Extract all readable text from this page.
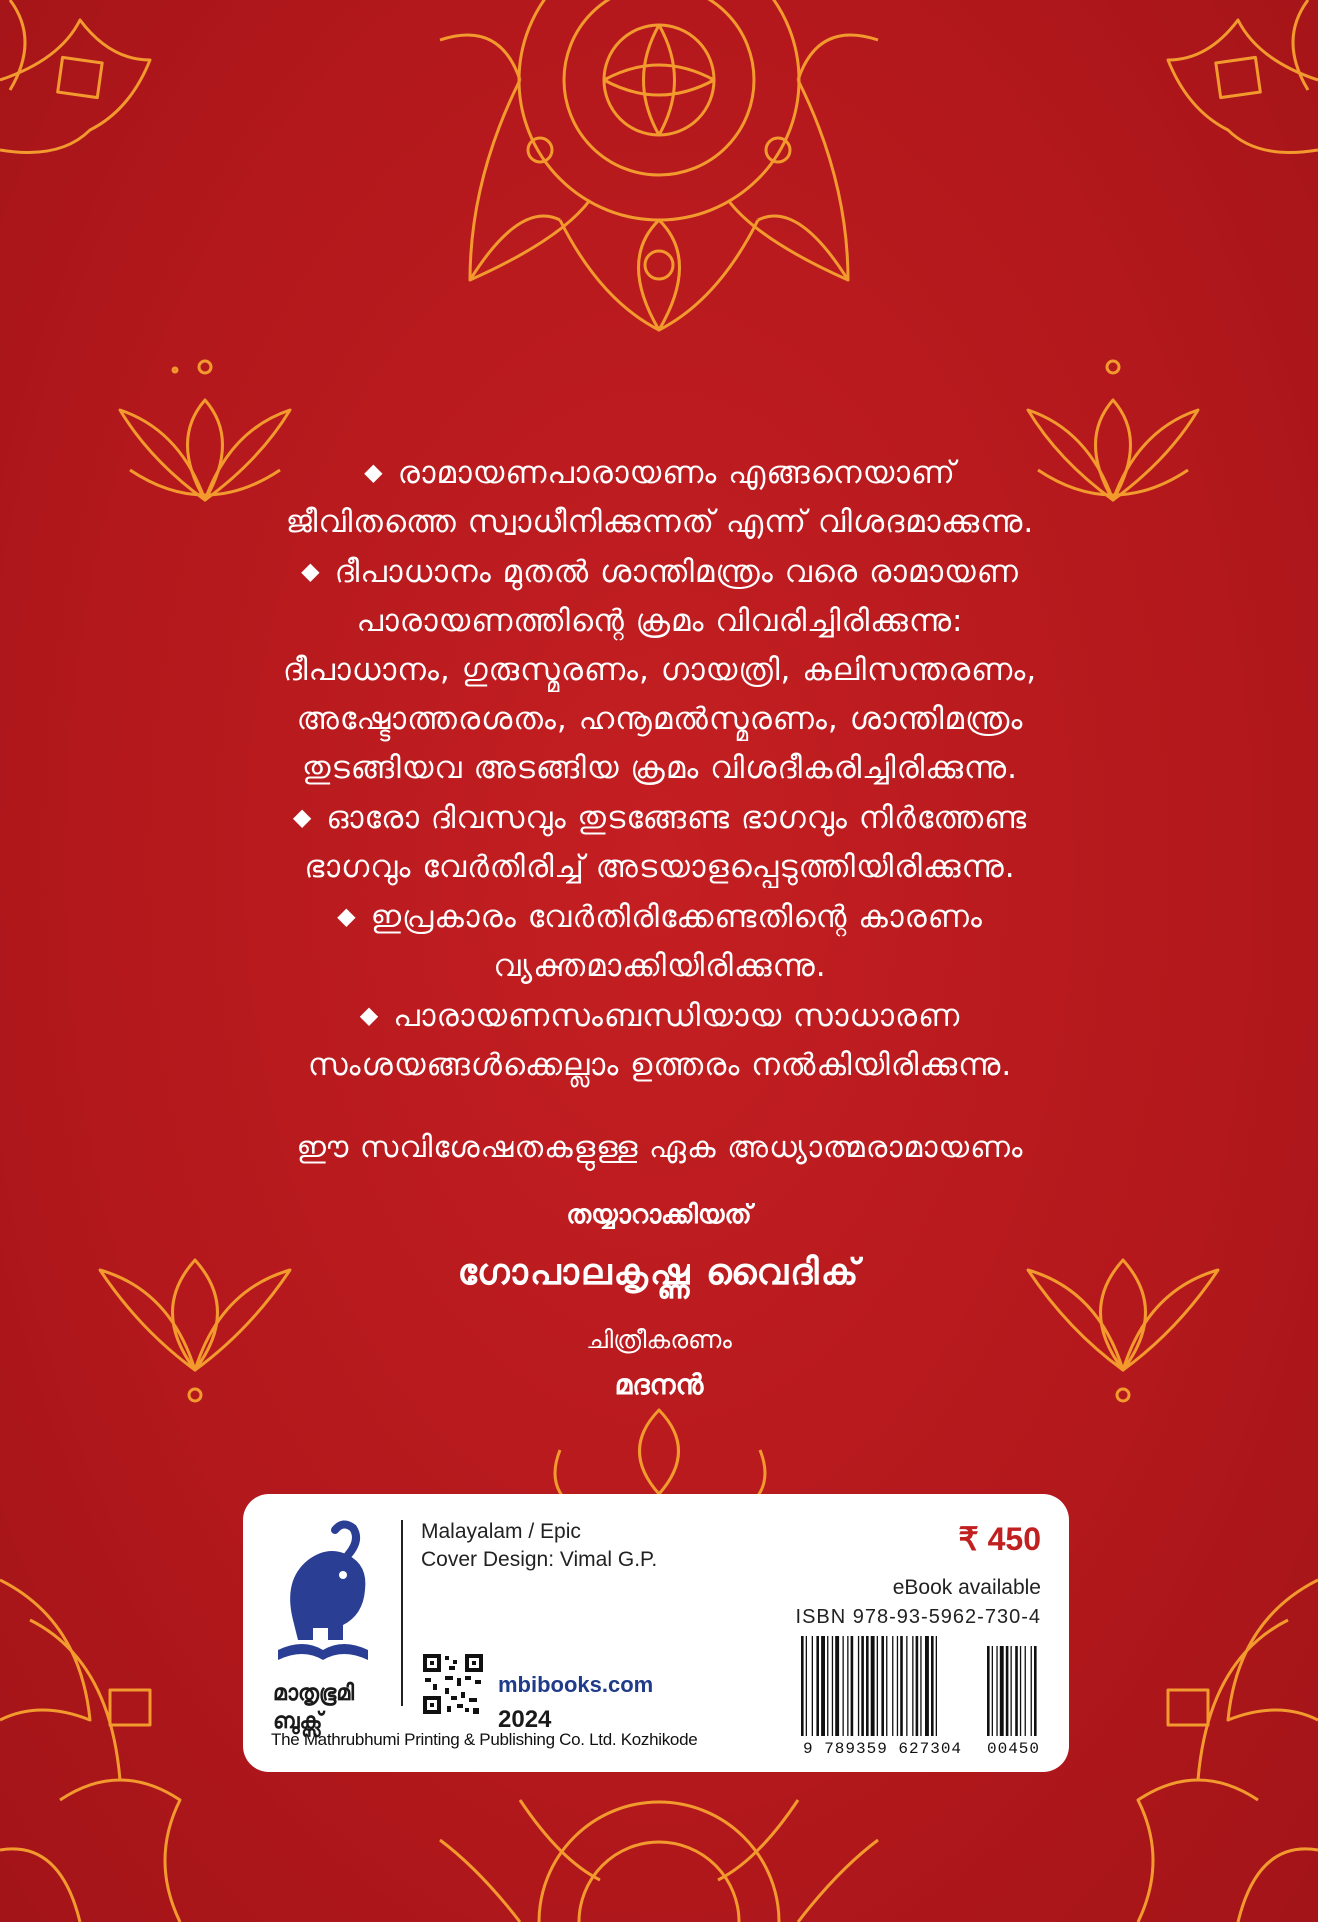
◆ രാമായണപാരായണം എങ്ങനെയാണ്
ജീവിതത്തെ സ്വാധീനിക്കുന്നത് എന്ന് വിശദമാക്കുന്നു.

◆ ദീപാധാനം മുതൽ ശാന്തിമന്ത്രം വരെ രാമായണ
പാരായണത്തിന്റെ ക്രമം വിവരിച്ചിരിക്കുന്നു:
ദീപാധാനം, ഗുരുസ്മരണം, ഗായത്രി, കലിസന്തരണം,
അഷ്ടോത്തരശതം, ഹനൂമൽസ്മരണം, ശാന്തിമന്ത്രം
തുടങ്ങിയവ അടങ്ങിയ ക്രമം വിശദീകരിച്ചിരിക്കുന്നു.

◆ ഓരോ ദിവസവും തുടങ്ങേണ്ട ഭാഗവും നിർത്തേണ്ട
ഭാഗവും വേർതിരിച്ച് അടയാളപ്പെടുത്തിയിരിക്കുന്നു.

◆ ഇപ്രകാരം വേർതിരിക്കേണ്ടതിന്റെ കാരണം
വ്യക്തമാക്കിയിരിക്കുന്നു.

◆ പാരായണസംബന്ധിയായ സാധാരണ
സംശയങ്ങൾക്കെല്ലാം ഉത്തരം നൽകിയിരിക്കുന്നു.

ഈ സവിശേഷതകളുള്ള ഏക അധ്യാത്മരാമായണം
തയ്യാറാക്കിയത്
ഗോപാലകൃഷ്ണ വൈദിക്
ചിത്രീകരണം
മദനൻ
മാതൃഭൂമി
ബുക്സ്
Malayalam / Epic
Cover Design: Vimal G.P.
₹ 450
eBook available
ISBN 978-93-5962-730-4
mbibooks.com
2024
The Mathrubhumi Printing & Publishing Co. Ltd. Kozhikode	9 789359 627304 00450
